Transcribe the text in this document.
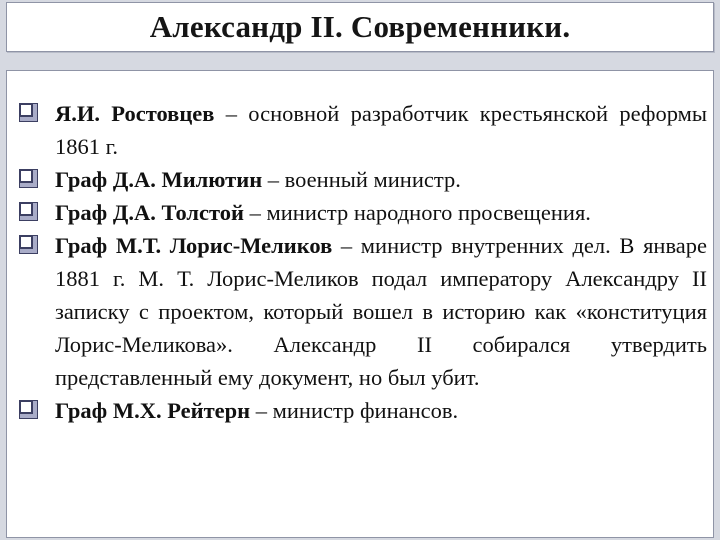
Александр II. Современники.
Я.И. Ростовцев – основной разработчик крестьянской реформы 1861 г.
Граф Д.А. Милютин – военный министр.
Граф Д.А. Толстой – министр народного просвещения.
Граф М.Т. Лорис-Меликов – министр внутренних дел. В январе 1881 г. М. Т. Лорис-Меликов подал императору Александру II записку с проектом, который вошел в историю как «конституция Лорис-Меликова». Александр II собирался утвердить представленный ему документ, но был убит.
Граф М.Х. Рейтерн – министр финансов.
